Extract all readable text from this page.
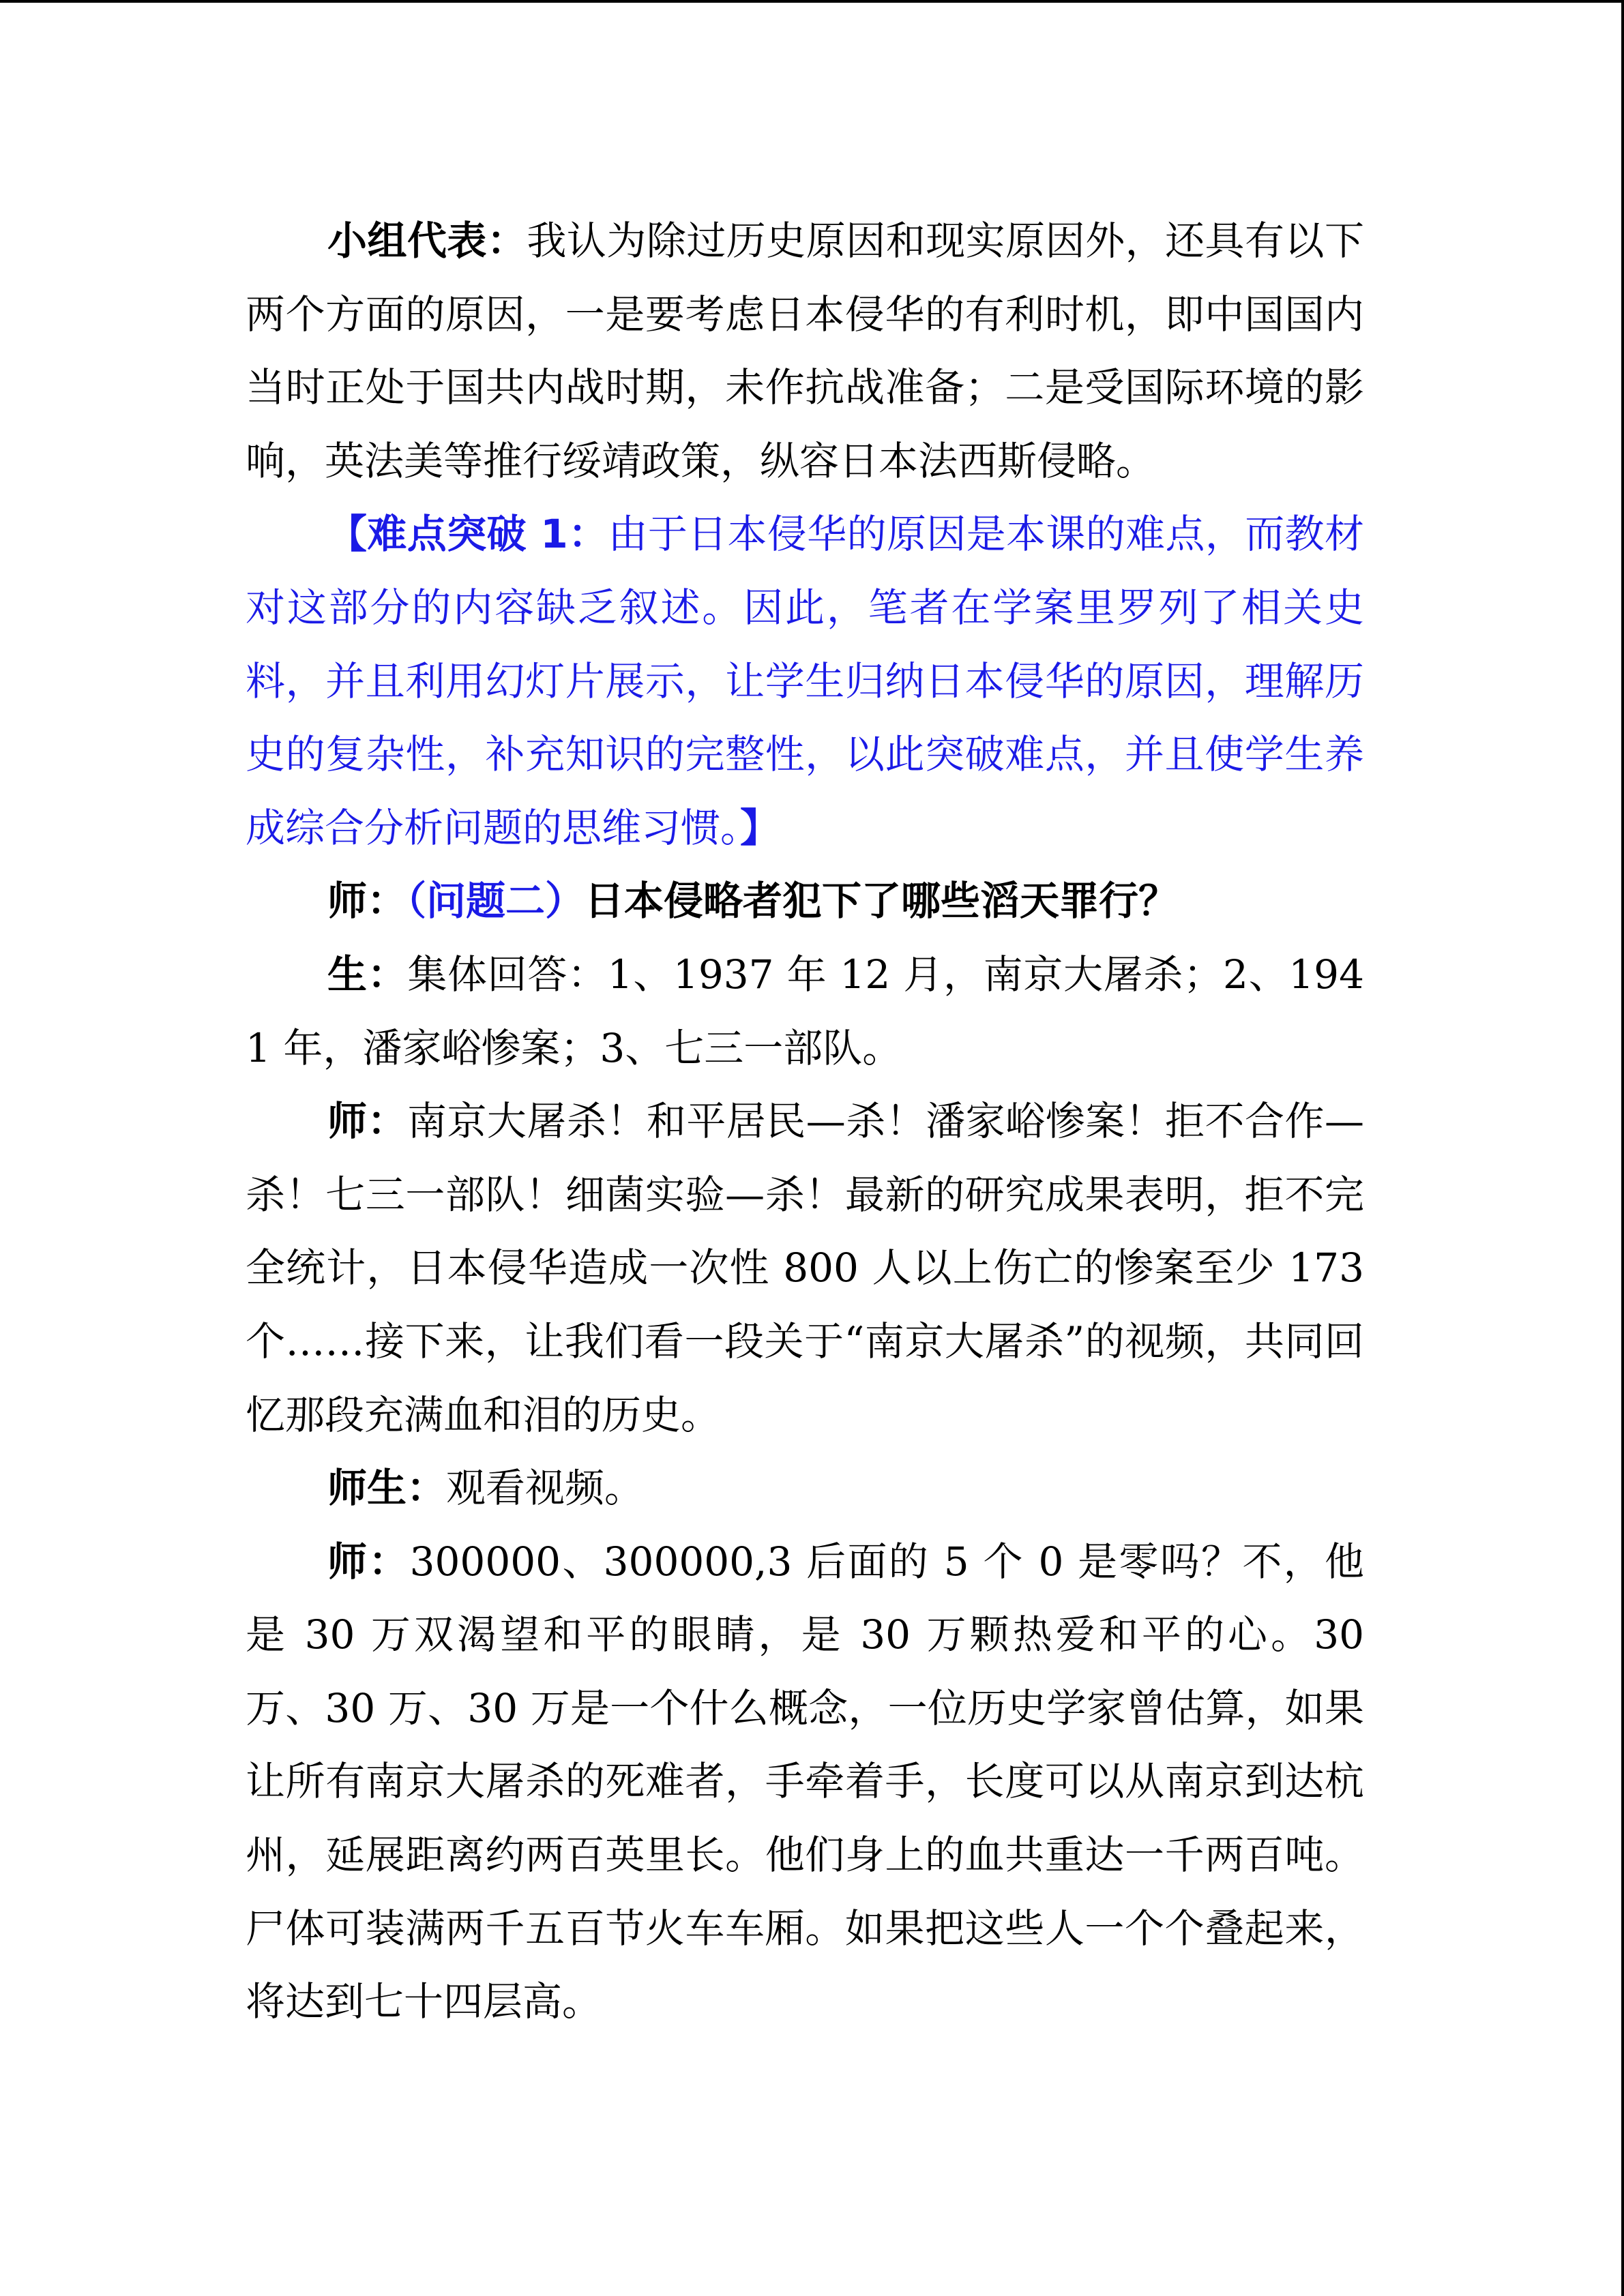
小组代表：我认为除过历史原因和现实原因外，还具有以下两个方面的原因，一是要考虑日本侵华的有利时机，即中国国内当时正处于国共内战时期，未作抗战准备；二是受国际环境的影响，英法美等推行绥靖政策，纵容日本法西斯侵略。

【难点突破 1：由于日本侵华的原因是本课的难点，而教材对这部分的内容缺乏叙述。因此，笔者在学案里罗列了相关史料，并且利用幻灯片展示，让学生归纳日本侵华的原因，理解历史的复杂性，补充知识的完整性，以此突破难点，并且使学生养成综合分析问题的思维习惯。】

师：（问题二）日本侵略者犯下了哪些滔天罪行？

生：集体回答：1、1937 年 12 月，南京大屠杀；2、1941 年，潘家峪惨案；3、七三一部队。

师：南京大屠杀！和平居民—杀！潘家峪惨案！拒不合作—杀！七三一部队！细菌实验—杀！最新的研究成果表明，拒不完全统计，日本侵华造成一次性 800 人以上伤亡的惨案至少 173 个……接下来，让我们看一段关于“南京大屠杀”的视频，共同回忆那段充满血和泪的历史。

师生：观看视频。

师：300000、300000,3 后面的 5 个 0 是零吗？不，他是 30 万双渴望和平的眼睛，是 30 万颗热爱和平的心。30 万、30 万、30 万是一个什么概念，一位历史学家曾估算，如果让所有南京大屠杀的死难者，手牵着手，长度可以从南京到达杭州，延展距离约两百英里长。他们身上的血共重达一千两百吨。尸体可装满两千五百节火车车厢。如果把这些人一个个叠起来，将达到七十四层高。
